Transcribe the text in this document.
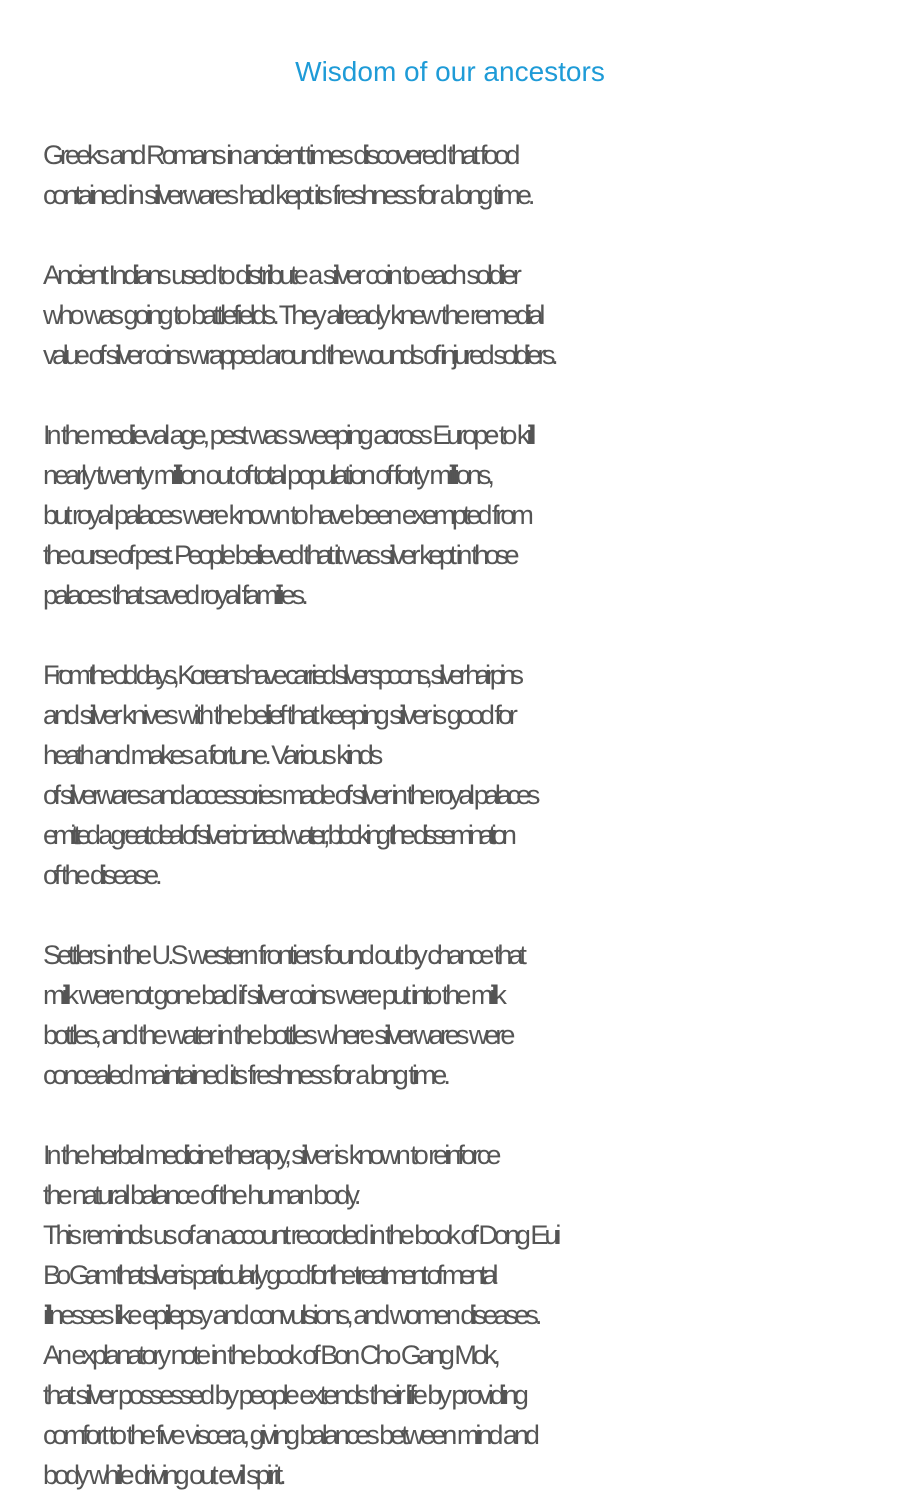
Wisdom of our ancestors
Greeks and Romans in ancient times discovered that food
contained in silverwares had kept its freshness for a long time.
Ancient Indians used to distribute a silver coin to each soldier
who was going to battlefields. They already knew the remedial
value of silver coins wrapped around the wounds of injured soldiers.
In the medieval age, pest was sweeping across Europe to kill
nearly twenty million out of total population of forty millions,
but royal palaces were known to have been exempted from
the curse of pest. People believed that it was silver kept in those
palaces that saved royal families.
From the old days, Koreans have carried silver spoons, silver hairpins
and silver knives with the belief that keeping silver is good for
heath and makes a fortune. Various kinds
of silverwares and accessories made of silver in the royal palaces
emitted a great deal of silver ionized water, blocking the dissemination
of the disease.
Settlers in the U.S western frontiers found out by chance that
milk were not gone bad if silver coins were put into the milk
bottles, and the water in the bottles where silverwares were
concealed maintained its freshness for a long time.
In the herbal medicine therapy, silver is known to reinforce
the natural balance of the human body.
This reminds us of an account recorded in the book of Dong Eui
Bo Gam that silver is particularly good for the treatment of mental
illnesses like epilepsy and convulsions, and women diseases.
An explanatory note in the book of Bon Cho Gang Mok,
that silver possessed by people extends their life by providing
comfort to the five viscera, giving balances between mind and
body while driving out evil spirit.
